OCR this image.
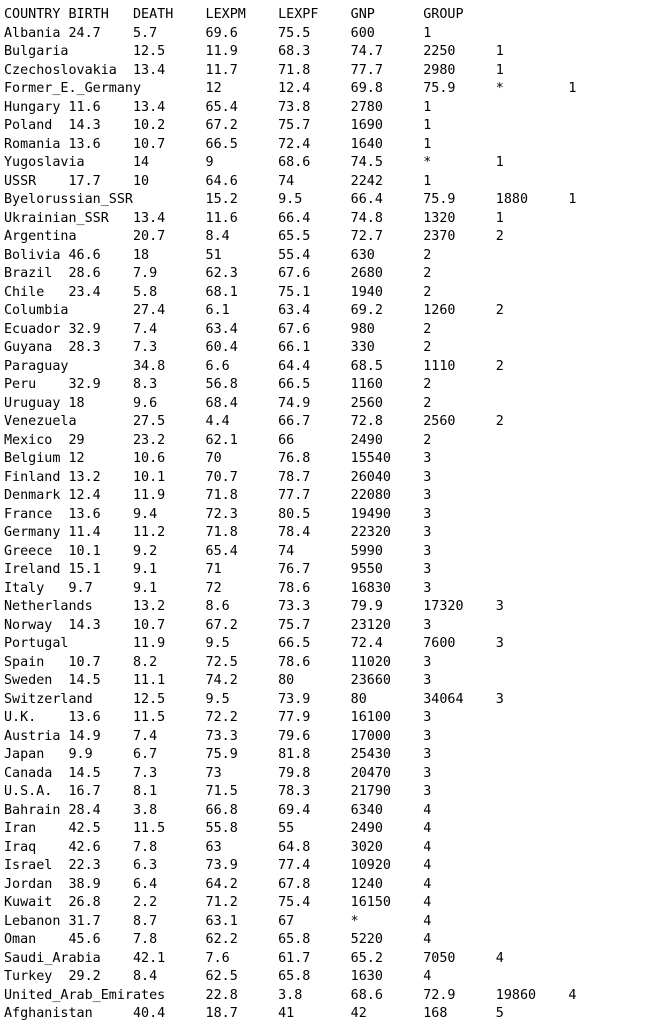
COUNTRY BIRTH   DEATH    LEXPM    LEXPF    GNP      GROUP
Albania 24.7    5.7      69.6     75.5     600      1
Bulgaria        12.5     11.9     68.3     74.7     2250     1
Czechoslovakia  13.4     11.7     71.8     77.7     2980     1
Former_E._Germany        12       12.4     69.8     75.9     *        1
Hungary 11.6    13.4     65.4     73.8     2780     1
Poland  14.3    10.2     67.2     75.7     1690     1
Romania 13.6    10.7     66.5     72.4     1640     1
Yugoslavia      14       9        68.6     74.5     *        1
USSR    17.7    10       64.6     74       2242     1
Byelorussian_SSR         15.2     9.5      66.4     75.9     1880     1
Ukrainian_SSR   13.4     11.6     66.4     74.8     1320     1
Argentina       20.7     8.4      65.5     72.7     2370     2
Bolivia 46.6    18       51       55.4     630      2
Brazil  28.6    7.9      62.3     67.6     2680     2
Chile   23.4    5.8      68.1     75.1     1940     2
Columbia        27.4     6.1      63.4     69.2     1260     2
Ecuador 32.9    7.4      63.4     67.6     980      2
Guyana  28.3    7.3      60.4     66.1     330      2
Paraguay        34.8     6.6      64.4     68.5     1110     2
Peru    32.9    8.3      56.8     66.5     1160     2
Uruguay 18      9.6      68.4     74.9     2560     2
Venezuela       27.5     4.4      66.7     72.8     2560     2
Mexico  29      23.2     62.1     66       2490     2
Belgium 12      10.6     70       76.8     15540    3
Finland 13.2    10.1     70.7     78.7     26040    3
Denmark 12.4    11.9     71.8     77.7     22080    3
France  13.6    9.4      72.3     80.5     19490    3
Germany 11.4    11.2     71.8     78.4     22320    3
Greece  10.1    9.2      65.4     74       5990     3
Ireland 15.1    9.1      71       76.7     9550     3
Italy   9.7     9.1      72       78.6     16830    3
Netherlands     13.2     8.6      73.3     79.9     17320    3
Norway  14.3    10.7     67.2     75.7     23120    3
Portugal        11.9     9.5      66.5     72.4     7600     3
Spain   10.7    8.2      72.5     78.6     11020    3
Sweden  14.5    11.1     74.2     80       23660    3
Switzerland     12.5     9.5      73.9     80       34064    3
U.K.    13.6    11.5     72.2     77.9     16100    3
Austria 14.9    7.4      73.3     79.6     17000    3
Japan   9.9     6.7      75.9     81.8     25430    3
Canada  14.5    7.3      73       79.8     20470    3
U.S.A.  16.7    8.1      71.5     78.3     21790    3
Bahrain 28.4    3.8      66.8     69.4     6340     4
Iran    42.5    11.5     55.8     55       2490     4
Iraq    42.6    7.8      63       64.8     3020     4
Israel  22.3    6.3      73.9     77.4     10920    4
Jordan  38.9    6.4      64.2     67.8     1240     4
Kuwait  26.8    2.2      71.2     75.4     16150    4
Lebanon 31.7    8.7      63.1     67       *        4
Oman    45.6    7.8      62.2     65.8     5220     4
Saudi_Arabia    42.1     7.6      61.7     65.2     7050     4
Turkey  29.2    8.4      62.5     65.8     1630     4
United_Arab_Emirates     22.8     3.8      68.6     72.9     19860    4
Afghanistan     40.4     18.7     41       42       168      5
